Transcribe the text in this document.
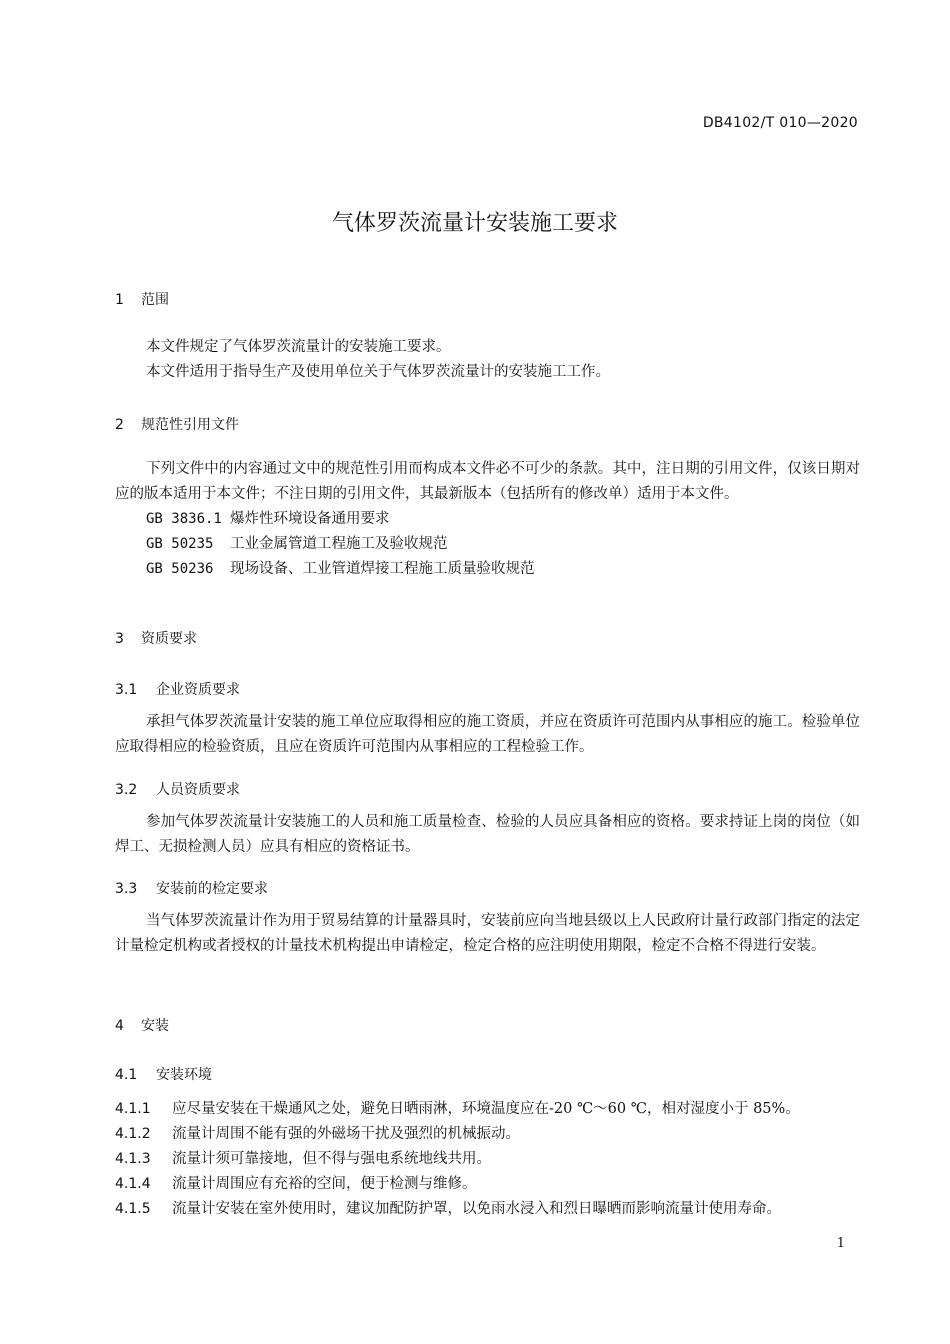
DB4102/T 010—2020
气体罗茨流量计安装施工要求
1 范围
本文件规定了气体罗茨流量计的安装施工要求。
本文件适用于指导生产及使用单位关于气体罗茨流量计的安装施工工作。
2 规范性引用文件
下列文件中的内容通过文中的规范性引用而构成本文件必不可少的条款。其中，注日期的引用文件，仅该日期对应的版本适用于本文件；不注日期的引用文件，其最新版本（包括所有的修改单）适用于本文件。
GB 3836.1 爆炸性环境设备通用要求
GB 50235 工业金属管道工程施工及验收规范
GB 50236 现场设备、工业管道焊接工程施工质量验收规范
3 资质要求
3.1 企业资质要求
承担气体罗茨流量计安装的施工单位应取得相应的施工资质，并应在资质许可范围内从事相应的施工。检验单位应取得相应的检验资质，且应在资质许可范围内从事相应的工程检验工作。
3.2 人员资质要求
参加气体罗茨流量计安装施工的人员和施工质量检查、检验的人员应具备相应的资格。要求持证上岗的岗位（如焊工、无损检测人员）应具有相应的资格证书。
3.3 安装前的检定要求
当气体罗茨流量计作为用于贸易结算的计量器具时，安装前应向当地县级以上人民政府计量行政部门指定的法定计量检定机构或者授权的计量技术机构提出申请检定，检定合格的应注明使用期限，检定不合格不得进行安装。
4 安装
4.1 安装环境
4.1.1 应尽量安装在干燥通风之处，避免日晒雨淋，环境温度应在-20 ℃～60 ℃，相对湿度小于 85%。
4.1.2 流量计周围不能有强的外磁场干扰及强烈的机械振动。
4.1.3 流量计须可靠接地，但不得与强电系统地线共用。
4.1.4 流量计周围应有充裕的空间，便于检测与维修。
4.1.5 流量计安装在室外使用时，建议加配防护罩，以免雨水浸入和烈日曝晒而影响流量计使用寿命。
1
